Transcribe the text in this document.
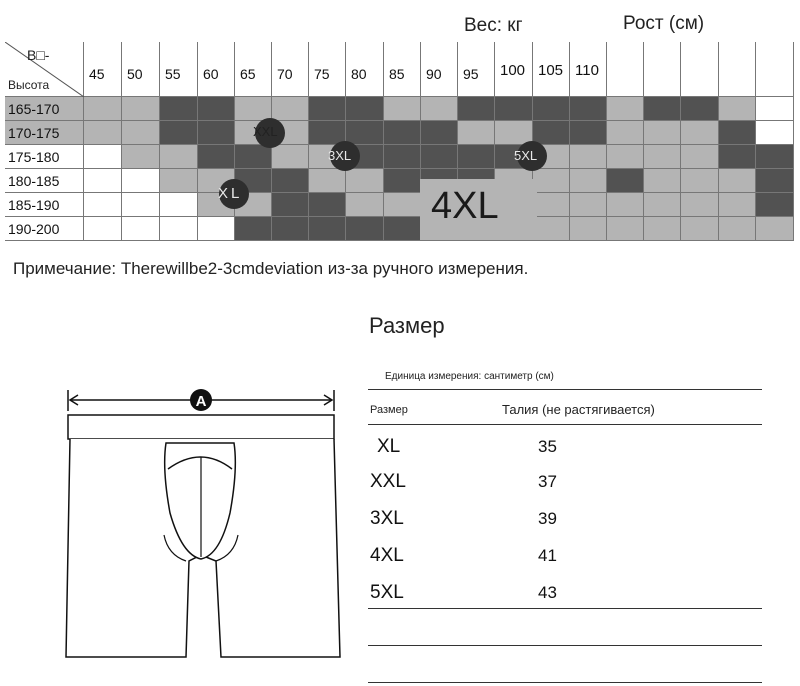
Вес: кг	Рост (см)
B□-
Высота
45 50 55 60 65 70 75 80 85 90 95 100 105 110
165-170
170-175
175-180
180-185
185-190
190-200
4XL
XXL
3XL	5XL
XL
Примечание: Therewillbe2-3cmdeviation из-за ручного измерения.
A
Размер
Единица измерения: сантиметр (см)
Размер	Талия (не растягивается)
XL	35
XXL	37
3XL	39
4XL	41
5XL	43
